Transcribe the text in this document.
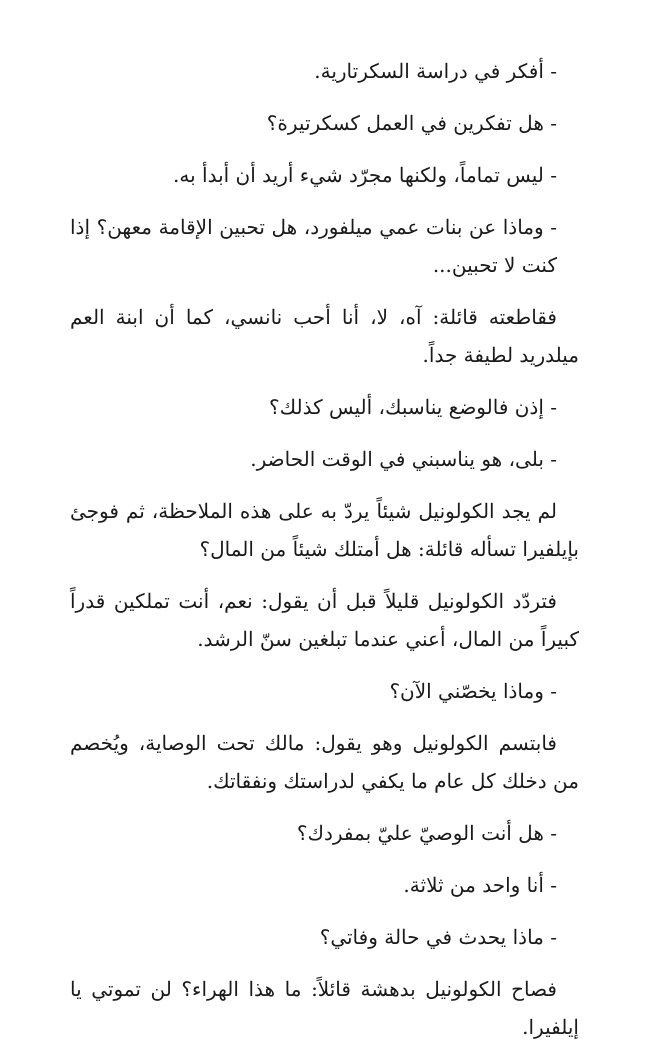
- أفكر في دراسة السكرتارية.

- هل تفكرين في العمل كسكرتيرة؟

- ليس تماماً، ولكنها مجرّد شيء أريد أن أبدأ به.

- وماذا عن بنات عمي ميلفورد، هل تحبين الإقامة معهن؟ إذا كنت لا تحبين...

فقاطعته قائلة: آه، لا، أنا أحب نانسي، كما أن ابنة العم ميلدريد لطيفة جداً.

- إذن فالوضع يناسبك، أليس كذلك؟

- بلى، هو يناسبني في الوقت الحاضر.

لم يجد الكولونيل شيئاً يردّ به على هذه الملاحظة، ثم فوجئ بإيلفيرا تسأله قائلة: هل أمتلك شيئاً من المال؟

فتردّد الكولونيل قليلاً قبل أن يقول: نعم، أنت تملكين قدراً كبيراً من المال، أعني عندما تبلغين سنّ الرشد.

- وماذا يخصّني الآن؟

فابتسم الكولونيل وهو يقول: مالك تحت الوصاية، ويُخصم من دخلك كل عام ما يكفي لدراستك ونفقاتك.

- هل أنت الوصيّ عليّ بمفردك؟

- أنا واحد من ثلاثة.

- ماذا يحدث في حالة وفاتي؟

فصاح الكولونيل بدهشة قائلاً: ما هذا الهراء؟ لن تموتي يا إيلفيرا.
